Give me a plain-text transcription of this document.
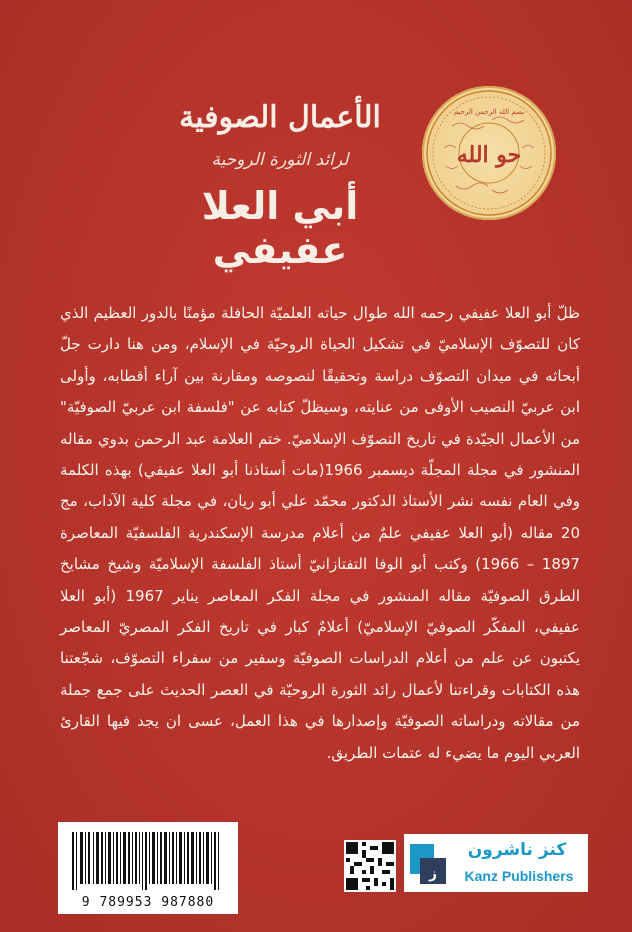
بسم الله الرحمن الرحيم
حو الله
الأعمال الصوفية
لرائد الثورة الروحية
أبي العلا عفيفي
ظلّ أبو العلا عفيفي رحمه الله طوال حياته العلميّة الحافلة مؤمنًا بالدور العظيم الذي كان للتصوّف الإسلاميّ في تشكيل الحياة الروحيّة في الإسلام، ومن هنا دارت جلّ أبحاثه في ميدان التصوّف دراسة وتحقيقًا لنصوصه ومقارنة بين آراء أقطابه، وأولى ابن عربيّ النصيب الأوفى من عنايته، وسيظلّ كتابه عن "فلسفة ابن عربيّ الصوفيّة" من الأعمال الجيّدة في تاريخ التصوّف الإسلاميّ. ختم العلامة عبد الرحمن بدوي مقاله المنشور في مجلة المجلّة ديسمبر 1966(مات أستاذنا أبو العلا عفيفي) بهذه الكلمة وفي العام نفسه نشر الأستاذ الدكتور محمّد علي أبو ريان، في مجلة كلية الآداب، مج 20 مقاله (أبو العلا عفيفي علمٌ من أعلام مدرسة الإسكندرية الفلسفيّة المعاصرة 1897 – 1966) وكتب أبو الوفا التفتازانيّ أستاذ الفلسفة الإسلاميّة وشيخ مشايخ الطرق الصوفيّة مقاله المنشور في مجلة الفكر المعاصر يناير 1967 (أبو العلا عفيفي، المفكّر الصوفيّ الإسلاميّ) أعلامٌ كبار في تاريخ الفكر المصريّ المعاصر يكتبون عن علم من أعلام الدراسات الصوفيّة وسفير من سفراء التصوّف، شجّعتنا هذه الكتابات وقراءتنا لأعمال رائد الثورة الروحيّة في العصر الحديث على جمع جملة من مقالاته ودراساته الصوفيّة وإصدارها في هذا العمل، عسى ان يجد فيها القارئ العربي اليوم ما يضيء له عتمات الطريق.
9 789953 987880
ز
كنز ناشرون
Kanz Publishers
